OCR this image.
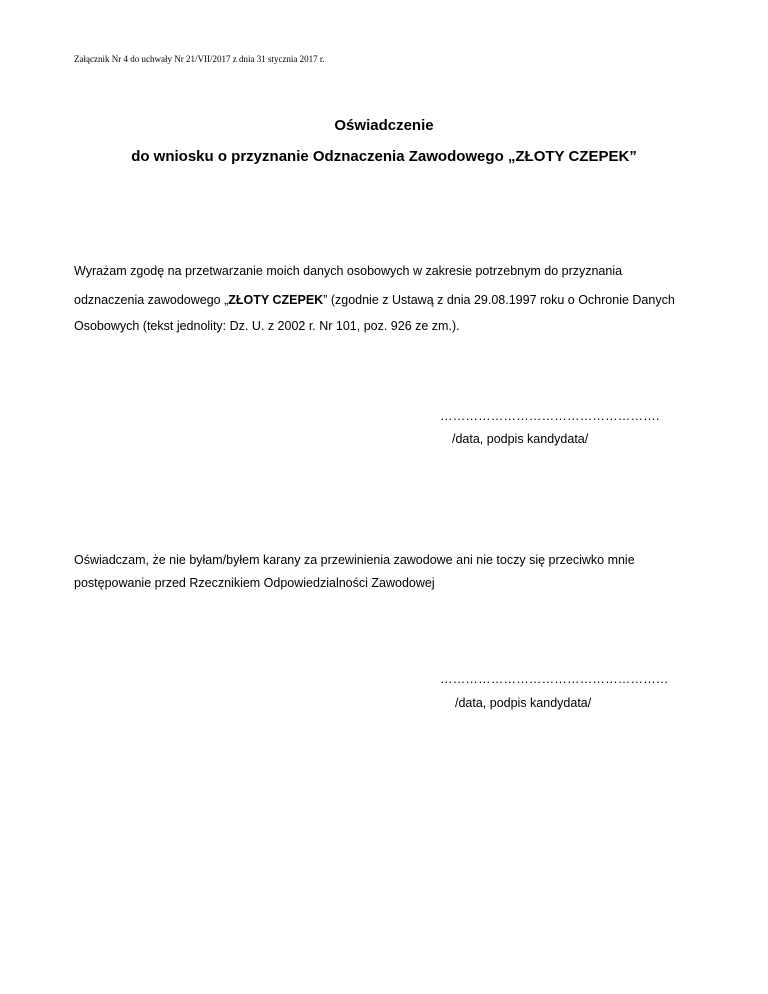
Załącznik Nr 4 do uchwały Nr 21/VII/2017 z dnia 31 stycznia 2017 r.
Oświadczenie
do wniosku o przyznanie Odznaczenia Zawodowego „ZŁOTY CZEPEK”
Wyrażam zgodę na przetwarzanie moich danych osobowych w zakresie potrzebnym do przyznania
odznaczenia zawodowego „ZŁOTY CZEPEK” (zgodnie z Ustawą z dnia 29.08.1997 roku o Ochronie Danych
Osobowych (tekst jednolity: Dz. U. z 2002 r. Nr 101, poz. 926 ze zm.).
…………………………………………….
/data, podpis kandydata/
Oświadczam, że nie byłam/byłem karany za przewinienia zawodowe ani nie toczy się przeciwko mnie
postępowanie przed Rzecznikiem Odpowiedzialności Zawodowej
………………………………………………
/data, podpis kandydata/
